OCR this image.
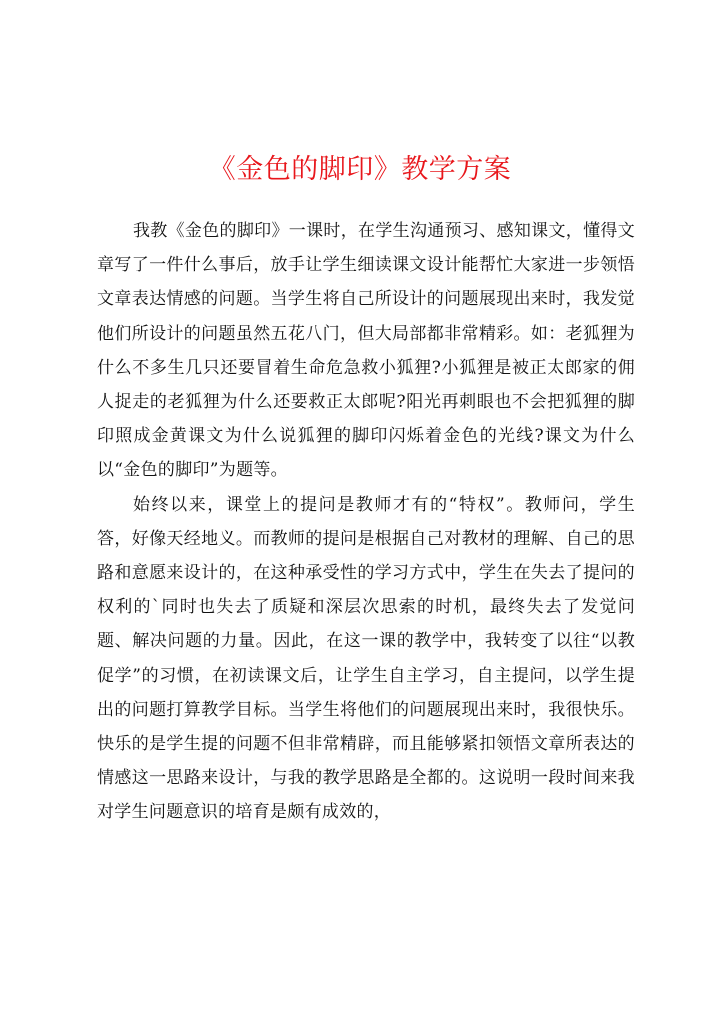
《金色的脚印》教学方案

我教《金色的脚印》一课时，在学生沟通预习、感知课文，懂得文章写了一件什么事后，放手让学生细读课文设计能帮忙大家进一步领悟文章表达情感的问题。当学生将自己所设计的问题展现出来时，我发觉他们所设计的问题虽然五花八门，但大局部都非常精彩。如：老狐狸为什么不多生几只还要冒着生命危急救小狐狸?小狐狸是被正太郎家的佣人捉走的老狐狸为什么还要救正太郎呢?阳光再刺眼也不会把狐狸的脚印照成金黄课文为什么说狐狸的脚印闪烁着金色的光线?课文为什么以“金色的脚印”为题等。

始终以来，课堂上的提问是教师才有的“特权”。教师问，学生答，好像天经地义。而教师的提问是根据自己对教材的理解、自己的思路和意愿来设计的，在这种承受性的学习方式中，学生在失去了提问的权利的`同时也失去了质疑和深层次思索的时机，最终失去了发觉问题、解决问题的力量。因此，在这一课的教学中，我转变了以往“以教促学”的习惯，在初读课文后，让学生自主学习，自主提问，以学生提出的问题打算教学目标。当学生将他们的问题展现出来时，我很快乐。快乐的是学生提的问题不但非常精辟，而且能够紧扣领悟文章所表达的情感这一思路来设计，与我的教学思路是全都的。这说明一段时间来我对学生问题意识的培育是颇有成效的，
